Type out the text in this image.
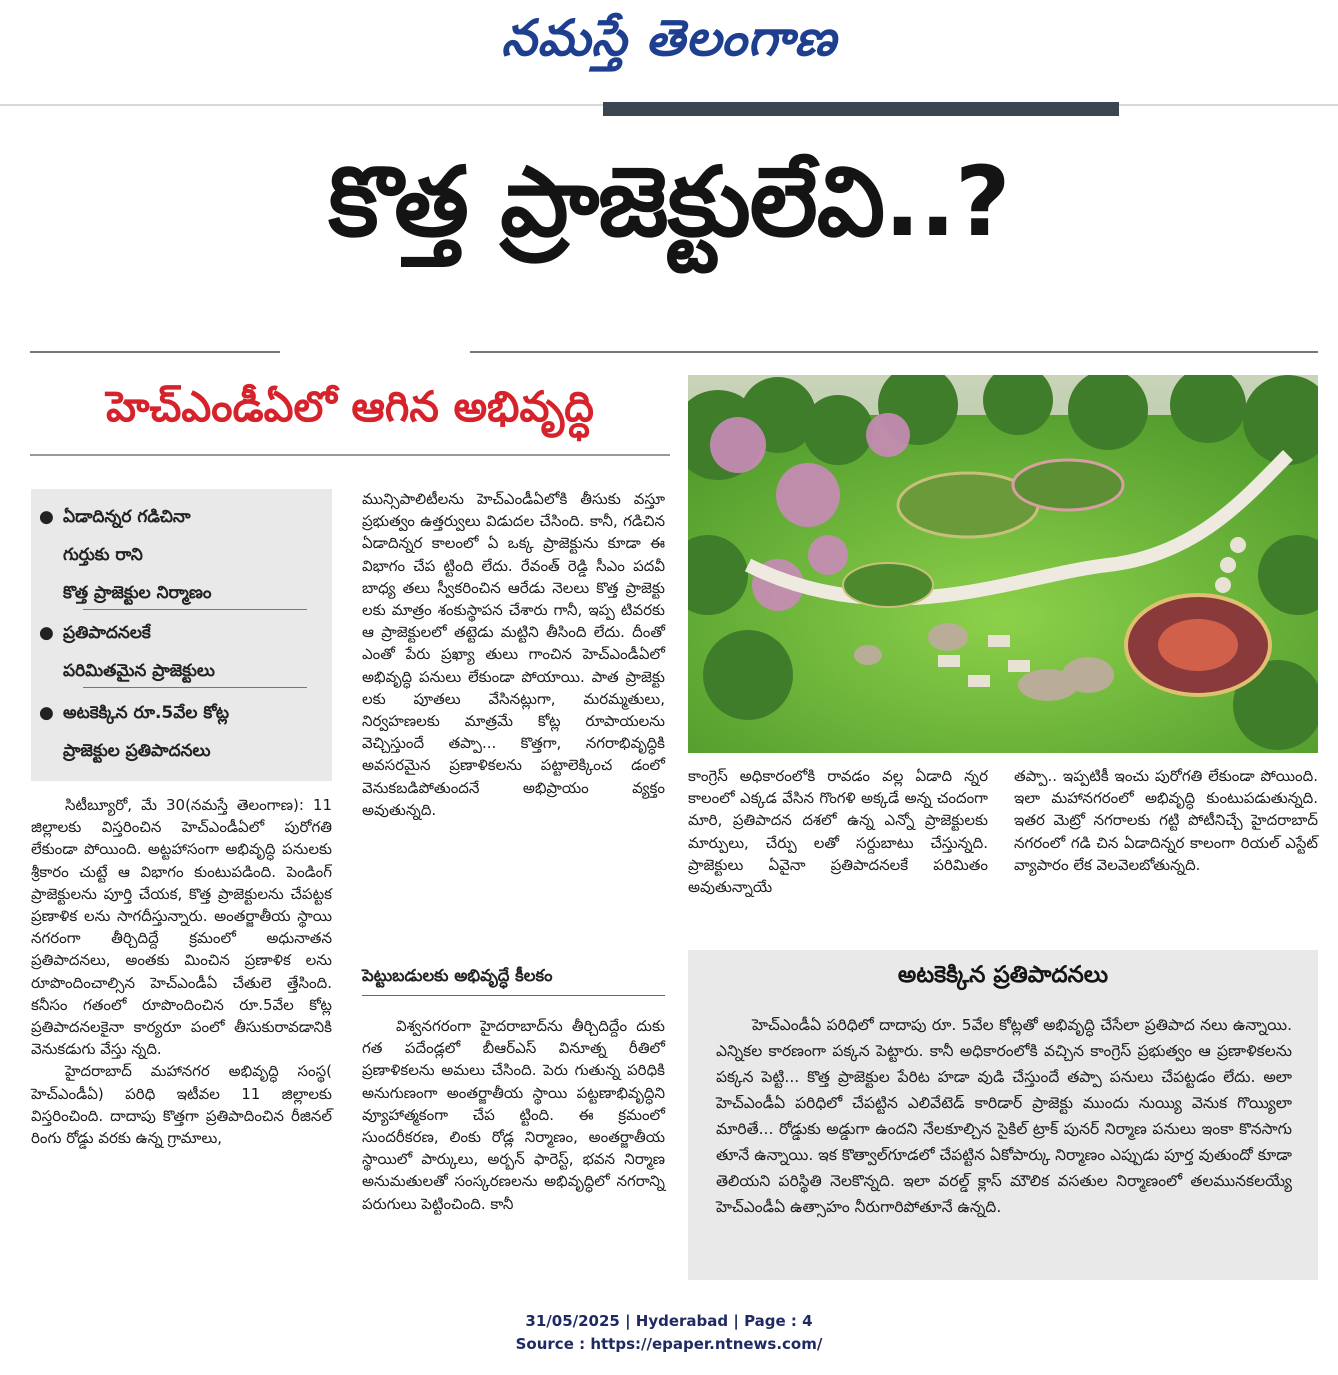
నమస్తే తెలంగాణ
కొత్త ప్రాజెక్టులేవి..?
హెచ్‌ఎండీఏలో ఆగిన అభివృద్ధి
● ఏడాదిన్నర గడిచినా
గుర్తుకు రాని
కొత్త ప్రాజెక్టుల నిర్మాణం
● ప్రతిపాదనలకే
పరిమితమైన ప్రాజెక్టులు
● అటకెక్కిన రూ.5వేల కోట్ల
ప్రాజెక్టుల ప్రతిపాదనలు

సిటీబ్యూరో, మే 30(నమస్తే తెలంగాణ): 11 జిల్లాలకు విస్తరించిన హెచ్‌ఎండీఏలో పురోగతి లేకుండా పోయింది. అట్టహాసంగా అభివృద్ధి పనులకు శ్రీకారం చుట్టే ఆ విభాగం కుంటుపడింది. పెండింగ్ ప్రాజెక్టులను పూర్తి చేయక, కొత్త ప్రాజెక్టులను చేపట్టక ప్రణాళిక లను సాగదీస్తున్నారు. అంతర్జాతీయ స్థాయి నగరంగా తీర్చిదిద్దే క్రమంలో అధునాతన ప్రతిపాదనలు, అంతకు మించిన ప్రణాళిక లను రూపొందించాల్సిన హెచ్‌ఎండీఏ చేతులె త్తేసింది. కనీసం గతంలో రూపొందించిన రూ.5వేల కోట్ల ప్రతిపాదనలకైనా కార్యరూ పంలో తీసుకురావడానికి వెనుకడుగు వేస్తు న్నది.

హైదరాబాద్ మహానగర అభివృద్ధి సంస్థ( హెచ్‌ఎండీఏ) పరిధి ఇటీవల 11 జిల్లాలకు విస్తరించింది. దాదాపు కొత్తగా ప్రతిపాదించిన రీజినల్ రింగు రోడ్డు వరకు ఉన్న గ్రామాలు,

మున్సిపాలిటీలను హెచ్‌ఎండీఏలోకి తీసుకు వస్తూ ప్రభుత్వం ఉత్తర్వులు విడుదల చేసింది. కానీ, గడిచిన ఏడాదిన్నర కాలంలో ఏ ఒక్క ప్రాజెక్టును కూడా ఈ విభాగం చేప ట్టింది లేదు. రేవంత్ రెడ్డి సీఎం పదవీ బాధ్య తలు స్వీకరించిన ఆరేడు నెలలు కొత్త ప్రాజెక్టు లకు మాత్రం శంకుస్థాపన చేశారు గానీ, ఇప్ప టివరకు ఆ ప్రాజెక్టులలో తట్టెడు మట్టిని తీసింది లేదు. దీంతో ఎంతో పేరు ప్రఖ్యా తులు గాంచిన హెచ్‌ఎండీఏలో అభివృద్ధి పనులు లేకుండా పోయాయి. పాత ప్రాజెక్టు లకు పూతలు వేసినట్లుగా, మరమ్మతులు, నిర్వహణలకు మాత్రమే కోట్ల రూపాయలను వెచ్చిస్తుందే తప్పా... కొత్తగా, నగరాభివృద్ధికి అవసరమైన ప్రణాళికలను పట్టాలెక్కించ డంలో వెనుకబడిపోతుందనే అభిప్రాయం వ్యక్తం అవుతున్నది.

పెట్టుబడులకు అభివృద్ధే కీలకం

విశ్వనగరంగా హైదరాబాద్‌ను తీర్చిదిద్దేం దుకు గత పదేండ్లలో బీఆర్ఎస్ వినూత్న రీతిలో ప్రణాళికలను అమలు చేసింది. పెరు గుతున్న పరిధికి అనుగుణంగా అంతర్జాతీయ స్థాయి పట్టణాభివృద్ధిని వ్యూహాత్మకంగా చేప ట్టింది. ఈ క్రమంలో సుందరీకరణ, లింకు రోడ్ల నిర్మాణం, అంతర్జాతీయ స్థాయిలో పార్కులు, అర్బన్ ఫారెస్ట్, భవన నిర్మాణ అనుమతులతో సంస్కరణలను అభివృద్ధిలో నగరాన్ని పరుగులు పెట్టించింది. కానీ

కాంగ్రెస్ అధికారంలోకి రావడం వల్ల ఏడాది న్నర కాలంలో ఎక్కడ వేసిన గొంగళి అక్కడే అన్న చందంగా మారి, ప్రతిపాదన దశలో ఉన్న ఎన్నో ప్రాజెక్టులకు మార్పులు, చేర్పు లతో సర్దుబాటు చేస్తున్నది. ప్రాజెక్టులు ఏవైనా ప్రతిపాదనలకే పరిమితం అవుతున్నాయే

తప్పా.. ఇప్పటికీ ఇంచు పురోగతి లేకుండా పోయింది. ఇలా మహానగరంలో అభివృద్ధి కుంటుపడుతున్నది. ఇతర మెట్రో నగరాలకు గట్టి పోటీనిచ్చే హైదరాబాద్ నగరంలో గడి చిన ఏడాదిన్నర కాలంగా రియల్ ఎస్టేట్ వ్యాపారం లేక వెలవెలబోతున్నది.

అటకెక్కిన ప్రతిపాదనలు

హెచ్‌ఎండీఏ పరిధిలో దాదాపు రూ. 5వేల కోట్లతో అభివృద్ధి చేసేలా ప్రతిపాద నలు ఉన్నాయి. ఎన్నికల కారణంగా పక్కన పెట్టారు. కానీ అధికారంలోకి వచ్చిన కాంగ్రెస్ ప్రభుత్వం ఆ ప్రణాళికలను పక్కన పెట్టి... కొత్త ప్రాజెక్టుల పేరిట హడా వుడి చేస్తుందే తప్పా పనులు చేపట్టడం లేదు. అలా హెచ్‌ఎండీఏ పరిధిలో చేపట్టిన ఎలివేటెడ్ కారిడార్ ప్రాజెక్టు ముందు నుయ్యి వెనుక గొయ్యిలా మారితే... రోడ్డుకు అడ్డుగా ఉందని నేలకూల్చిన సైకిల్ ట్రాక్ పునర్ నిర్మాణ పనులు ఇంకా కొనసాగు తూనే ఉన్నాయి. ఇక కొత్వాల్‌గూడలో చేపట్టిన ఏకోపార్కు నిర్మాణం ఎప్పుడు పూర్త వుతుందో కూడా తెలియని పరిస్థితి నెలకొన్నది. ఇలా వరల్డ్ క్లాస్ మౌలిక వసతుల నిర్మాణంలో తలమునకలయ్యే హెచ్‌ఎండీఏ ఉత్సాహం నీరుగారిపోతూనే ఉన్నది.

31/05/2025 | Hyderabad | Page : 4
Source : https://epaper.ntnews.com/
